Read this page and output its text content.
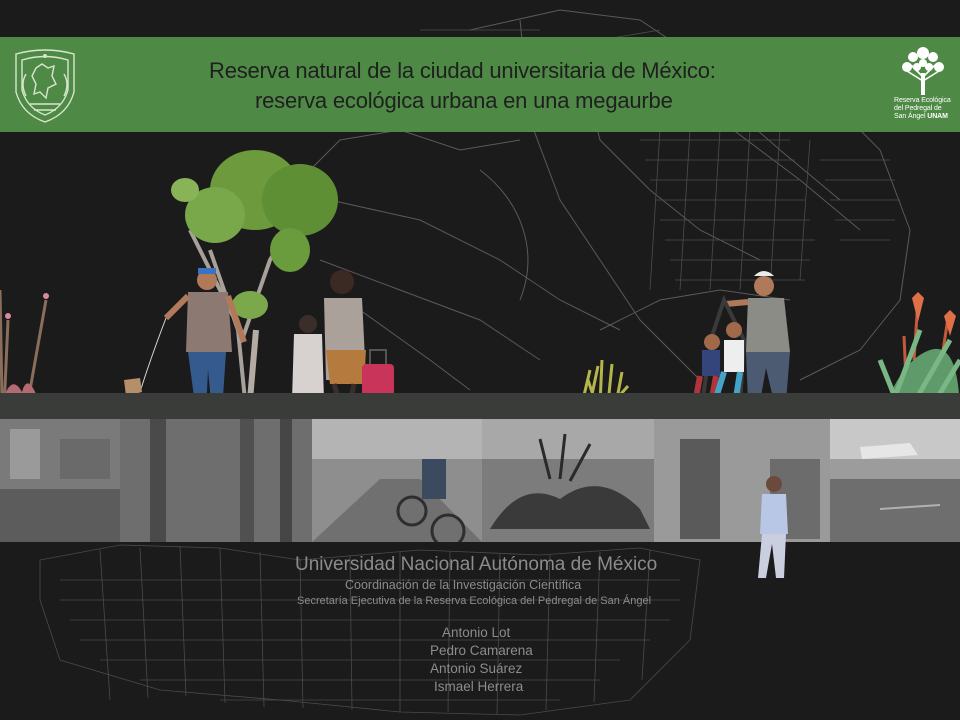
Reserva natural de la ciudad universitaria de México:
reserva ecológica urbana en una megaurbe	Reserva Ecológica
del Pedregal de
San Ángel UNAM
Universidad Nacional Autónoma de México
Coordinación de la Investigación Científica
Secretaría Ejecutiva de la Reserva Ecológica del Pedregal de San Ángel
Antonio Lot
Pedro Camarena
Antonio Suárez
Ismael Herrera
